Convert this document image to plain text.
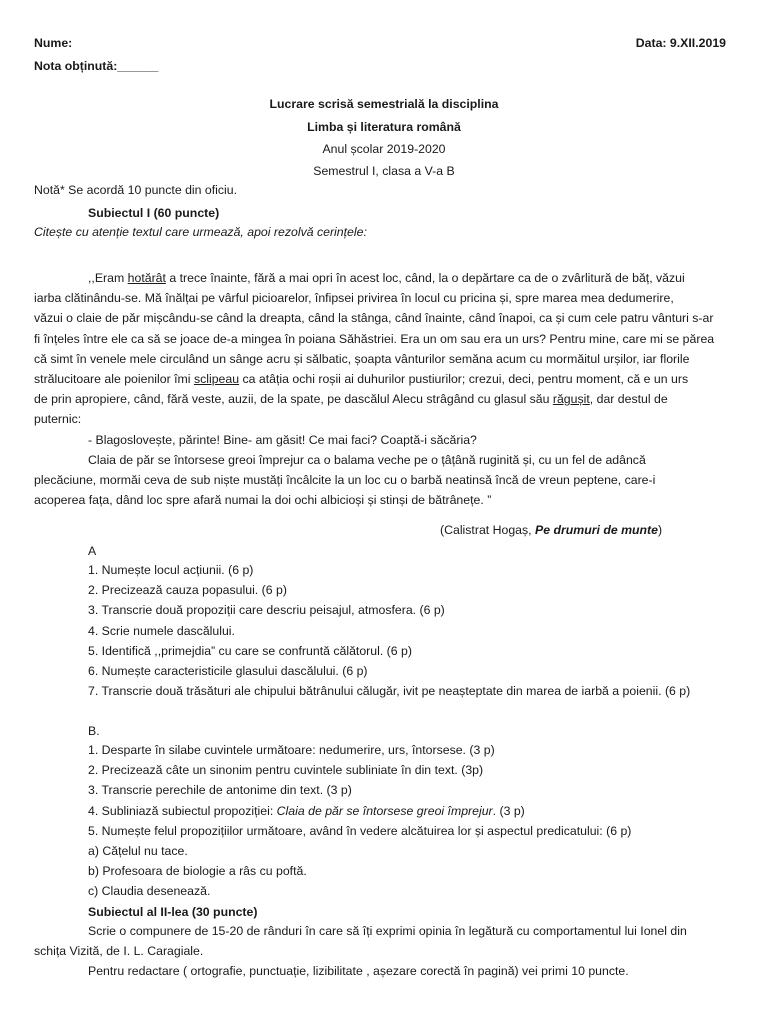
Nume:
Nota obținută:______
Data: 9.XII.2019
Lucrare scrisă semestrială la disciplina
Limba și literatura română
Anul școlar 2019-2020
Semestrul I, clasa a V-a B
Notă* Se acordă 10 puncte din oficiu.
Subiectul I (60 puncte)
Citește cu atenție textul care urmează, apoi rezolvă cerințele:
,,Eram hotărât a trece înainte, fără a mai opri în acest loc, când, la o depărtare ca de o zvârlitură de băț, văzui
iarba clătinându-se. Mă înălțai pe vârful picioarelor, înfipsei privirea în locul cu pricina și, spre marea mea dedumerire,
văzui o claie de păr mișcându-se când la dreapta, când la stânga, când înainte, când înapoi, ca și cum cele patru vânturi s-ar
fi înțeles între ele ca să se joace de-a mingea în poiana Săhăstriei. Era un om sau era un urs? Pentru mine, care mi se părea
că simt în venele mele circulând un sânge acru și sălbatic, șoapta vânturilor semăna acum cu mormăitul urșilor, iar florile
strălucitoare ale poienilor îmi sclipeau ca atâția ochi roșii ai duhurilor pustiurilor; crezui, deci, pentru moment, că e un urs
de prin apropiere, când, fără veste, auzii, de la spate, pe dascălul Alecu strâgând cu glasul său răgușit, dar destul de
puternic:
- Blagoslovește, părinte! Bine- am găsit! Ce mai faci? Coaptă-i săcăria?
Claia de păr se întorsese greoi împrejur ca o balama veche pe o țâțână ruginită și, cu un fel de adâncă
plecăciune, mormăi ceva de sub niște mustăți încâlcite la un loc cu o barbă neatinsă încă de vreun peptene, care-i
acoperea fața, dând loc spre afară numai la doi ochi albicioși și stinși de bătrânețe. ”
(Calistrat Hogaș, Pe drumuri de munte)
A
1. Numește locul acțiunii. (6 p)
2. Precizează cauza popasului. (6 p)
3. Transcrie două propoziții care descriu peisajul, atmosfera. (6 p)
4. Scrie numele dascălului.
5. Identifică ,,primejdia” cu care se confruntă călătorul. (6 p)
6. Numește caracteristicile glasului dascălului. (6 p)
7. Transcrie două trăsături ale chipului bătrânului călugăr, ivit pe neașteptate din marea de iarbă a poienii. (6 p)
B.
1. Desparte în silabe cuvintele următoare: nedumerire, urs, întorsese. (3 p)
2. Precizează câte un sinonim pentru cuvintele subliniate în din text. (3p)
3. Transcrie perechile de antonime din text. (3 p)
4. Subliniază subiectul propoziției: Claia de păr se întorsese greoi împrejur. (3 p)
5. Numește felul propozițiilor următoare, având în vedere alcătuirea lor și aspectul predicatului: (6 p)
a) Cățelul nu tace.
b) Profesoara de biologie a râs cu poftă.
c) Claudia desenează.
Subiectul al II-lea (30 puncte)
Scrie o compunere de 15-20 de rânduri în care să îți exprimi opinia în legătură cu comportamentul lui Ionel din
schița Vizită, de I. L. Caragiale.
Pentru redactare ( ortografie, punctuație, lizibilitate , așezare corectă în pagină) vei primi 10 puncte.
